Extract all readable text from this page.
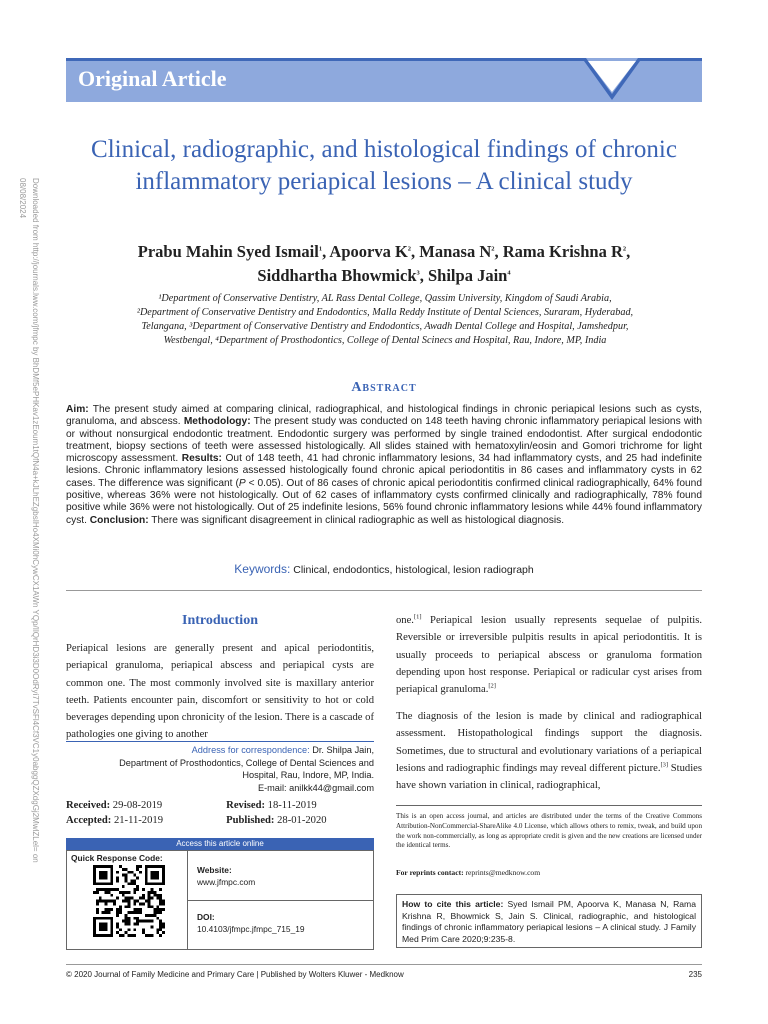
Downloaded from http://journals.lww.com/jfmpc by BhDMf5ePHKav1zEoum1tQfN4a+kJLhEZgbsIHo4XMi0hCywCX1AWn YQp/IlQrHD3i3D0OdRyi7TvSFl4Cf3VC1y0abggQZXdgGj2MwlZLel= on 08/08/2024
Original Article
Clinical, radiographic, and histological findings of chronic inflammatory periapical lesions – A clinical study
Prabu Mahin Syed Ismail$^1$, Apoorva $K^2$, Manasa $N^2$, Rama Krishna $R^2$,
Siddhartha Bhowmick$^3$, Shilpa Jain$^4$
¹Department of Conservative Dentistry, AL Rass Dental College, Qassim University, Kingdom of Saudi Arabia,
²Department of Conservative Dentistry and Endodontics, Malla Reddy Institute of Dental Sciences, Suraram, Hyderabad,
Telangana, ³Department of Conservative Dentistry and Endodontics, Awadh Dental College and Hospital, Jamshedpur,
Westbengal, ⁴Department of Prosthodontics, College of Dental Scinecs and Hospital, Rau, Indore, MP, India
Abstract
Aim: The present study aimed at comparing clinical, radiographical, and histological findings in chronic periapical lesions such as cysts, granuloma, and abscess. Methodology: The present study was conducted on 148 teeth having chronic inflammatory periapical lesions with or without nonsurgical endodontic treatment. Endodontic surgery was performed by single trained endodontist. After surgical endodontic treatment, biopsy sections of teeth were assessed histologically. All slides stained with hematoxylin/eosin and Gomori trichrome for light microscopy assessment. Results: Out of 148 teeth, 41 had chronic inflammatory lesions, 34 had inflammatory cysts, and 25 had indefinite lesions. Chronic inflammatory lesions assessed histologically found chronic apical periodontitis in 86 cases and inflammatory cysts in 62 cases. The difference was significant (P < 0.05). Out of 86 cases of chronic apical periodontitis confirmed clinical radiographically, 64% found positive, whereas 36% were not histologically. Out of 62 cases of inflammatory cysts confirmed clinically and radiographically, 78% found positive while 36% were not histologically. Out of 25 indefinite lesions, 56% found chronic inflammatory lesions while 44% found inflammatory cyst. Conclusion: There was significant disagreement in clinical radiographic as well as histological diagnosis.
Keywords: Clinical, endodontics, histological, lesion radiograph
Introduction
Periapical lesions are generally present and apical periodontitis, periapical granuloma, periapical abscess and periapical cysts are common one. The most commonly involved site is maxillary anterior teeth. Patients encounter pain, discomfort or sensitivity to hot or cold beverages depending upon chronicity of the lesion. There is a cascade of pathologies one giving to another
one.[1] Periapical lesion usually represents sequelae of pulpitis. Reversible or irreversible pulpitis results in apical periodontitis. It is usually proceeds to periapical abscess or granuloma formation depending upon host response. Periapical or radicular cyst arises from periapical granuloma.[2]
The diagnosis of the lesion is made by clinical and radiographical assessment. Histopathological findings support the diagnosis. Sometimes, due to structural and evolutionary variations of a periapical lesions and radiographic findings may reveal different picture.[3] Studies have shown variation in clinical, radiographical,
Address for correspondence: Dr. Shilpa Jain,
Department of Prosthodontics, College of Dental Sciences and
Hospital, Rau, Indore, MP, India.
E-mail: anilkk44@gmail.com
Received: 29-08-2019	Revised: 18-11-2019
Accepted: 21-11-2019	Published: 28-01-2020
Access this article online
Quick Response Code:
Website:
www.jfmpc.com
DOI:
10.4103/jfmpc.jfmpc_715_19
This is an open access journal, and articles are distributed under the terms of the Creative Commons Attribution-NonCommercial-ShareAlike 4.0 License, which allows others to remix, tweak, and build upon the work non-commercially, as long as appropriate credit is given and the new creations are licensed under the identical terms.
For reprints contact: reprints@medknow.com
How to cite this article: Syed Ismail PM, Apoorva K, Manasa N, Rama Krishna R, Bhowmick S, Jain S. Clinical, radiographic, and histological findings of chronic inflammatory periapical lesions – A clinical study. J Family Med Prim Care 2020;9:235-8.
© 2020 Journal of Family Medicine and Primary Care | Published by Wolters Kluwer - Medknow	235
